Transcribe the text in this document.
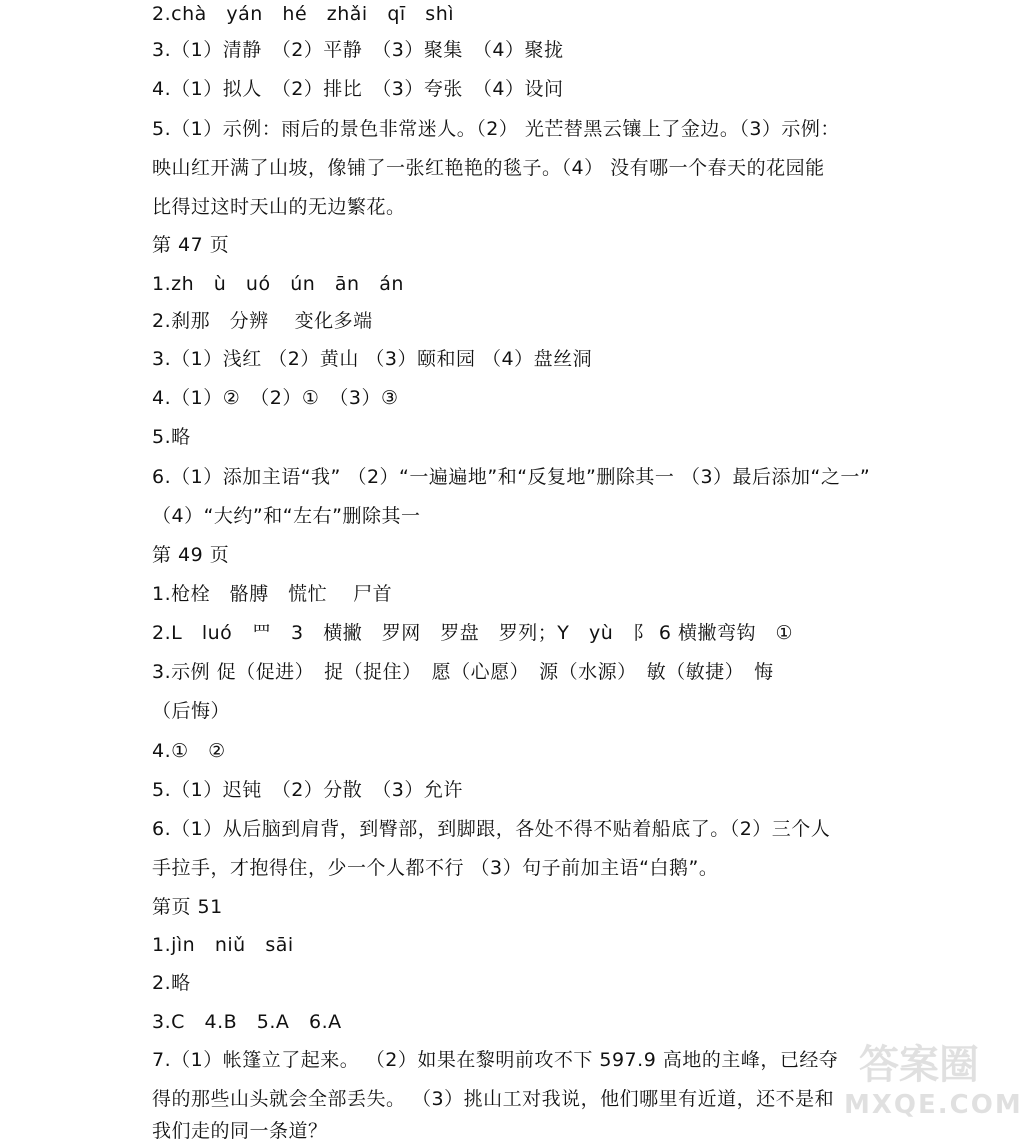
2.chà   yán   hé   zhǎi   qī   shì
3.（1）清静　（2）平静　（3）聚集　（4）聚拢
4.（1）拟人　（2）排比　（3）夸张　（4）设问
5.（1）示例：雨后的景色非常迷人。（2） 光芒替黑云镶上了金边。（3）示例：
映山红开满了山坡，像铺了一张红艳艳的毯子。（4） 没有哪一个春天的花园能
比得过这时天山的无边繁花。
第 47 页
1.zh   ù   uó   ún   ān   án
2.刹那　分辨　 变化多端
3.（1）浅红 （2）黄山 （3）颐和园 （4）盘丝洞
4.（1）②　（2）①　（3）③
5.略
6.（1）添加主语“我” （2）“一遍遍地”和“反复地”删除其一 （3）最后添加“之一”
（4）“大约”和“左右”删除其一
第 49 页
1.枪栓　骼膊　慌忙　 尸首
2.L   luó   罒   3   横撇　罗网　罗盘　罗列；Y   yù   阝 6 横撇弯钩　①
3.示例 促（促进）　捉（捉住）　愿（心愿）　源（水源）　敏（敏捷）　悔
（后悔）
4.①　②
5.（1）迟钝　（2）分散　（3）允许
6.（1）从后脑到肩背，到臀部，到脚跟，各处不得不贴着船底了。（2）三个人
手拉手，才抱得住，少一个人都不行 （3）句子前加主语“白鹅”。
第页 51
1.jìn   niǔ   sāi
2.略
3.C   4.B   5.A   6.A
7.（1）帐篷立了起来。 （2）如果在黎明前攻不下 597.9 高地的主峰，已经夺
得的那些山头就会全部丢失。 （3）挑山工对我说，他们哪里有近道，还不是和
我们走的同一条道？
答案圈
MXQE.COM
